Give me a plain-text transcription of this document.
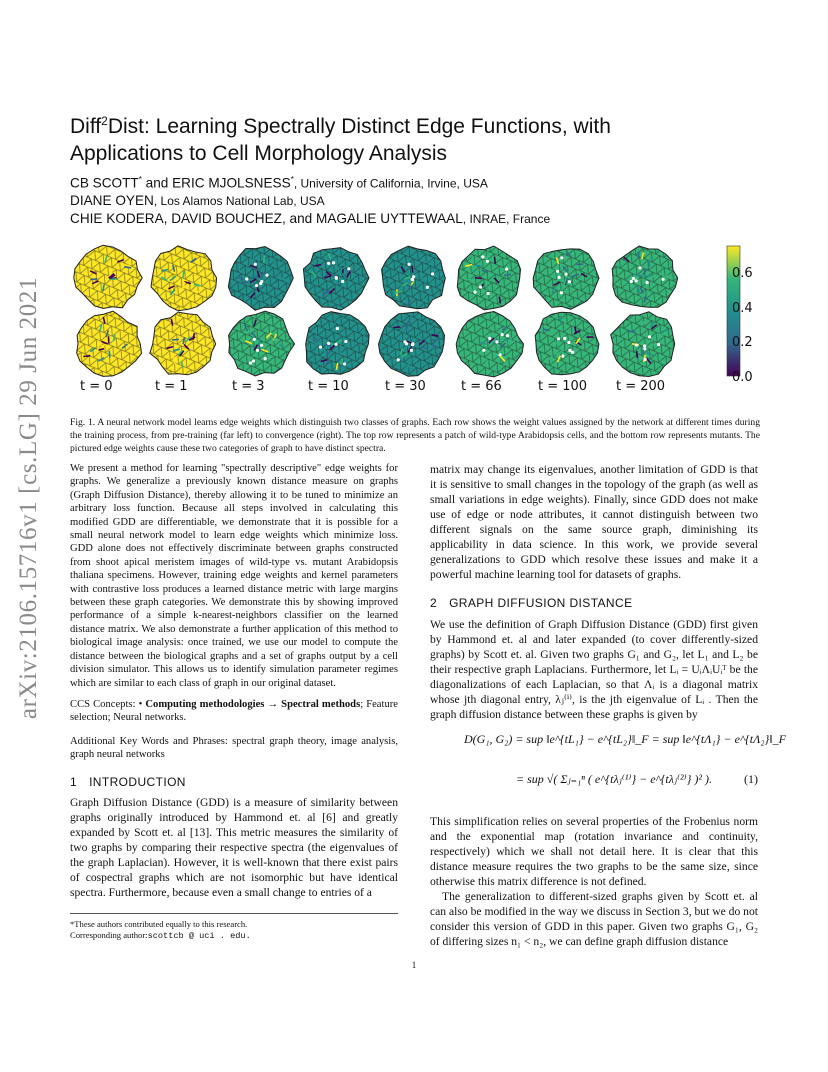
arXiv:2106.15716v1 [cs.LG] 29 Jun 2021
Diff$^2$Dist: Learning Spectrally Distinct Edge Functions, with Applications to Cell Morphology Analysis
CB SCOTT* and ERIC MJOLSNESS*, University of California, Irvine, USA
DIANE OYEN, Los Alamos National Lab, USA
CHIE KODERA, DAVID BOUCHEZ, and MAGALIE UYTTEWAAL, INRAE, France
t = 0	t = 1	t = 3	t = 10	t = 30	t = 66	t = 100 t = 200
0.6
0.4
0.2
0.0
Fig. 1. A neural network model learns edge weights which distinguish two classes of graphs. Each row shows the weight values assigned by the network at different times during the training process, from pre-training (far left) to convergence (right). The top row represents a patch of wild-type Arabidopsis cells, and the bottom row represents mutants. The pictured edge weights cause these two categories of graph to have distinct spectra.

We present a method for learning "spectrally descriptive" edge weights for graphs. We generalize a previously known distance measure on graphs (Graph Diffusion Distance), thereby allowing it to be tuned to minimize an arbitrary loss function. Because all steps involved in calculating this modified GDD are differentiable, we demonstrate that it is possible for a small neural network model to learn edge weights which minimize loss. GDD alone does not effectively discriminate between graphs constructed from shoot apical meristem images of wild-type vs. mutant Arabidopsis thaliana specimens. However, training edge weights and kernel parameters with contrastive loss produces a learned distance metric with large margins between these graph categories. We demonstrate this by showing improved performance of a simple k-nearest-neighbors classifier on the learned distance matrix. We also demonstrate a further application of this method to biological image analysis: once trained, we use our model to compute the distance between the biological graphs and a set of graphs output by a cell division simulator. This allows us to identify simulation parameter regimes which are similar to each class of graph in our original dataset.

CCS Concepts: • Computing methodologies → Spectral methods; Feature selection; Neural networks.

Additional Key Words and Phrases: spectral graph theory, image analysis, graph neural networks

1 INTRODUCTION

Graph Diffusion Distance (GDD) is a measure of similarity between graphs originally introduced by Hammond et. al [6] and greatly expanded by Scott et. al [13]. This metric measures the similarity of two graphs by comparing their respective spectra (the eigenvalues of the graph Laplacian). However, it is well-known that there exist pairs of cospectral graphs which are not isomorphic but have identical spectra. Furthermore, because even a small change to entries of a

*These authors contributed equally to this research.
Corresponding author:scottcb @ uci . edu.

matrix may change its eigenvalues, another limitation of GDD is that it is sensitive to small changes in the topology of the graph (as well as small variations in edge weights). Finally, since GDD does not make use of edge or node attributes, it cannot distinguish between two different signals on the same source graph, diminishing its applicability in data science. In this work, we provide several generalizations to GDD which resolve these issues and make it a powerful machine learning tool for datasets of graphs.

2 GRAPH DIFFUSION DISTANCE

We use the definition of Graph Diffusion Distance (GDD) first given by Hammond et. al and later expanded (to cover differently-sized graphs) by Scott et. al. Given two graphs G₁ and G₂, let L₁ and L₂ be their respective graph Laplacians. Furthermore, let Lᵢ = UᵢΛᵢUᵢᵀ be the diagonalizations of each Laplacian, so that Λᵢ is a diagonal matrix whose jth diagonal entry, λⱼ⁽ⁱ⁾, is the jth eigenvalue of Lᵢ . Then the graph diffusion distance between these graphs is given by

D(G₁, G₂) = sup ‖e^{tL₁} − e^{tL₂}‖_F = sup ‖e^{tΛ₁} − e^{tΛ₂}‖_F
= sup √( Σⱼ₌₁ⁿ ( e^{tλⱼ⁽¹⁾} − e^{tλⱼ⁽²⁾} )² ).	(1)

This simplification relies on several properties of the Frobenius norm and the exponential map (rotation invariance and continuity, respectively) which we shall not detail here. It is clear that this distance measure requires the two graphs to be the same size, since otherwise this matrix difference is not defined.

The generalization to different-sized graphs given by Scott et. al can also be modified in the way we discuss in Section 3, but we do not consider this version of GDD in this paper. Given two graphs G₁, G₂ of differing sizes n₁ < n₂, we can define graph diffusion distance

1
